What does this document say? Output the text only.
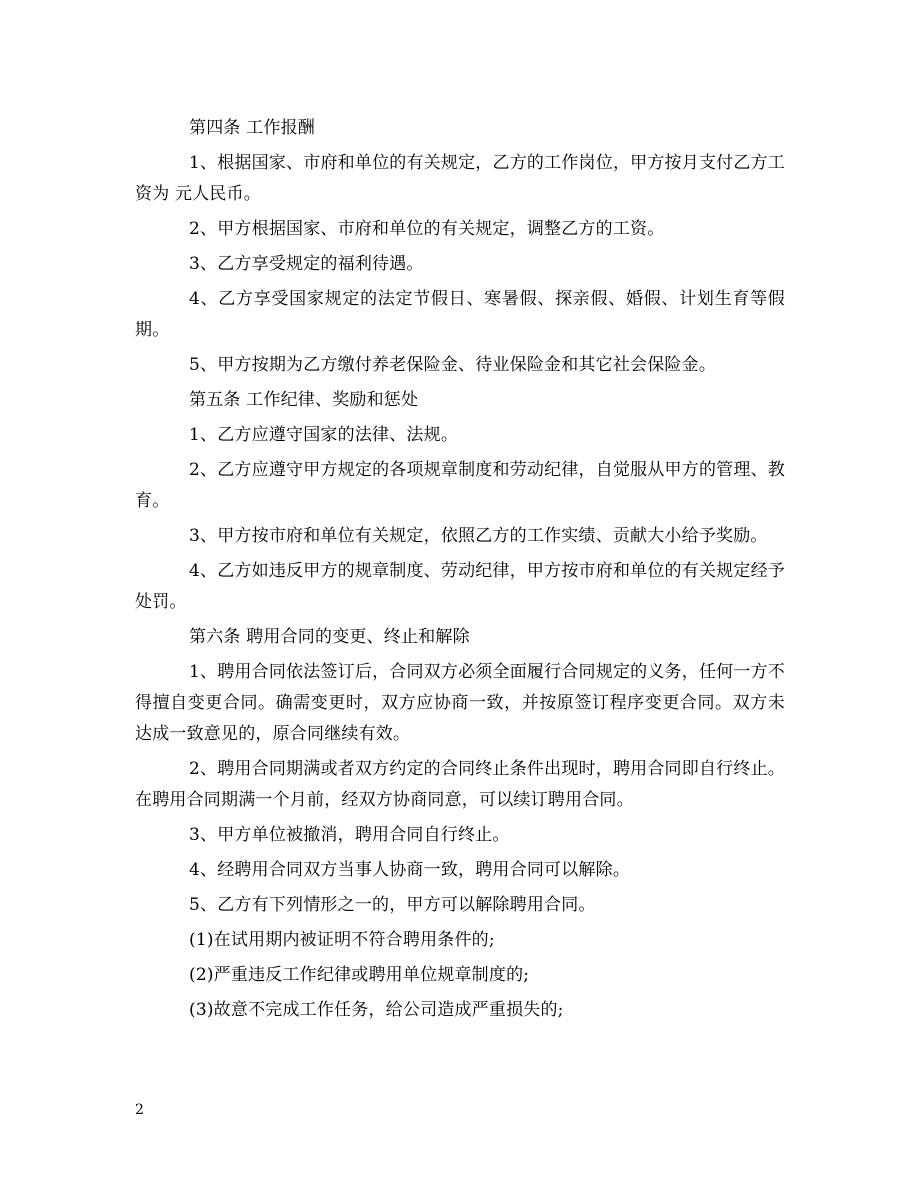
第四条 工作报酬

1、根据国家、市府和单位的有关规定，乙方的工作岗位，甲方按月支付乙方工资为 元人民币。

2、甲方根据国家、市府和单位的有关规定，调整乙方的工资。

3、乙方享受规定的福利待遇。

4、乙方享受国家规定的法定节假日、寒暑假、探亲假、婚假、计划生育等假期。

5、甲方按期为乙方缴付养老保险金、待业保险金和其它社会保险金。

第五条 工作纪律、奖励和惩处

1、乙方应遵守国家的法律、法规。

2、乙方应遵守甲方规定的各项规章制度和劳动纪律，自觉服从甲方的管理、教育。

3、甲方按市府和单位有关规定，依照乙方的工作实绩、贡献大小给予奖励。

4、乙方如违反甲方的规章制度、劳动纪律，甲方按市府和单位的有关规定经予处罚。

第六条 聘用合同的变更、终止和解除

1、聘用合同依法签订后，合同双方必须全面履行合同规定的义务，任何一方不得擅自变更合同。确需变更时，双方应协商一致，并按原签订程序变更合同。双方未达成一致意见的，原合同继续有效。

2、聘用合同期满或者双方约定的合同终止条件出现时，聘用合同即自行终止。在聘用合同期满一个月前，经双方协商同意，可以续订聘用合同。

3、甲方单位被撤消，聘用合同自行终止。

4、经聘用合同双方当事人协商一致，聘用合同可以解除。

5、乙方有下列情形之一的，甲方可以解除聘用合同。

(1)在试用期内被证明不符合聘用条件的;

(2)严重违反工作纪律或聘用单位规章制度的;

(3)故意不完成工作任务，给公司造成严重损失的;

2
